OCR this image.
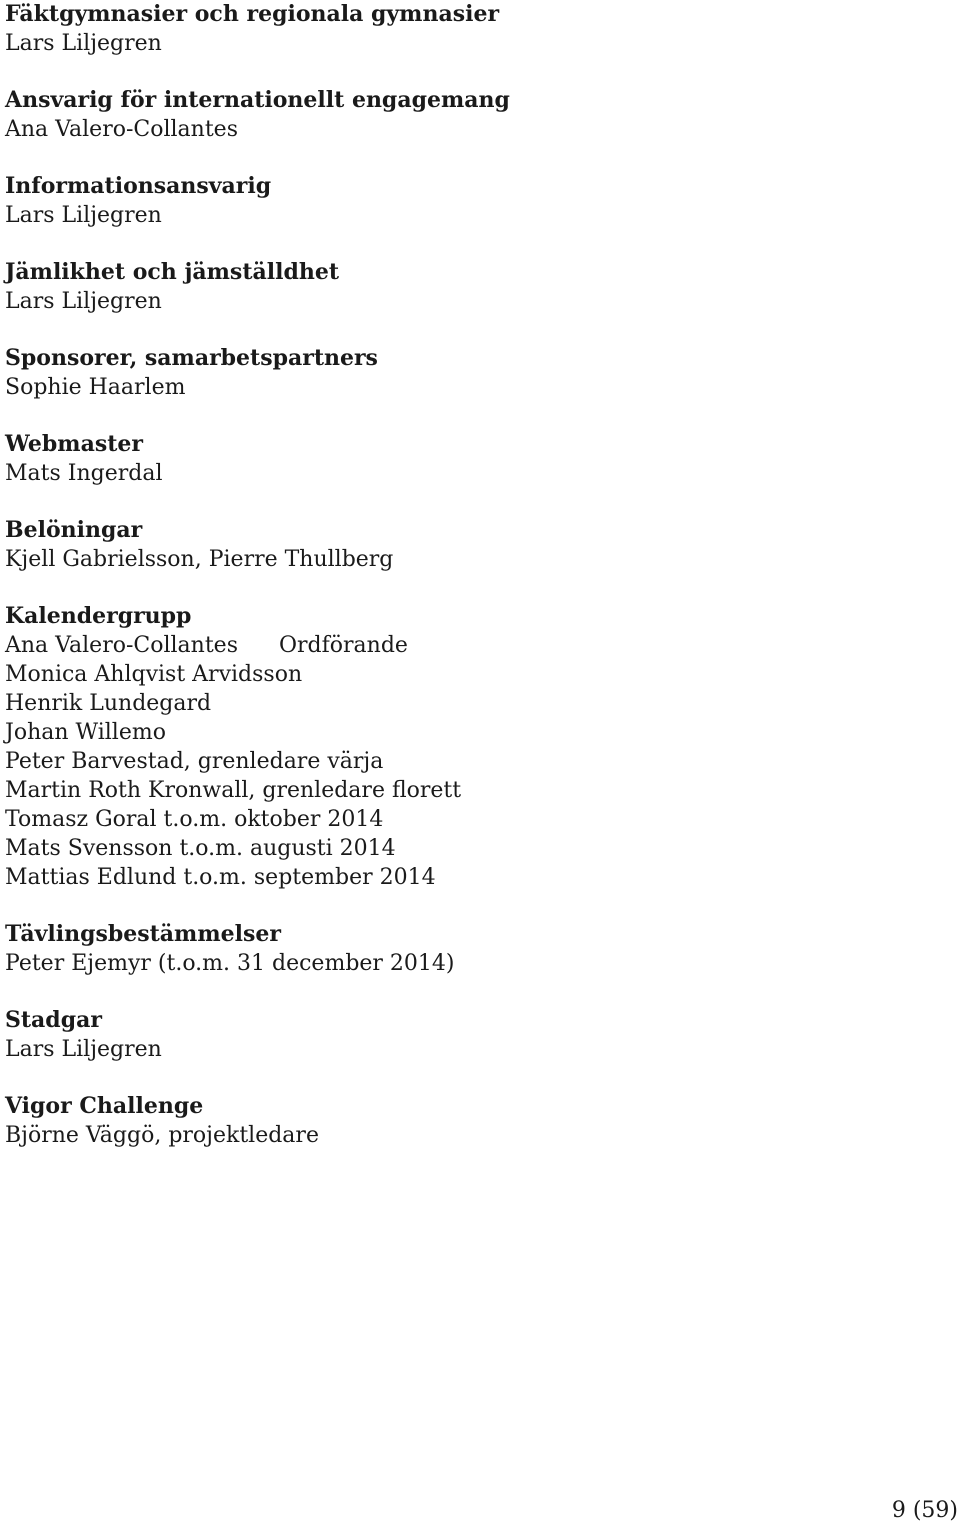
Fäktgymnasier och regionala gymnasier
Lars Liljegren
Ansvarig för internationellt engagemang
Ana Valero-Collantes
Informationsansvarig
Lars Liljegren
Jämlikhet och jämställdhet
Lars Liljegren
Sponsorer, samarbetspartners
Sophie Haarlem
Webmaster
Mats Ingerdal
Belöningar
Kjell Gabrielsson, Pierre Thullberg
Kalendergrupp
Ana Valero-Collantes Ordförande
Monica Ahlqvist Arvidsson
Henrik Lundegard
Johan Willemo
Peter Barvestad, grenledare värja
Martin Roth Kronwall, grenledare florett
Tomasz Goral t.o.m. oktober 2014
Mats Svensson t.o.m. augusti 2014
Mattias Edlund t.o.m. september 2014
Tävlingsbestämmelser
Peter Ejemyr (t.o.m. 31 december 2014)
Stadgar
Lars Liljegren
Vigor Challenge
Björne Väggö, projektledare
9 (59)
